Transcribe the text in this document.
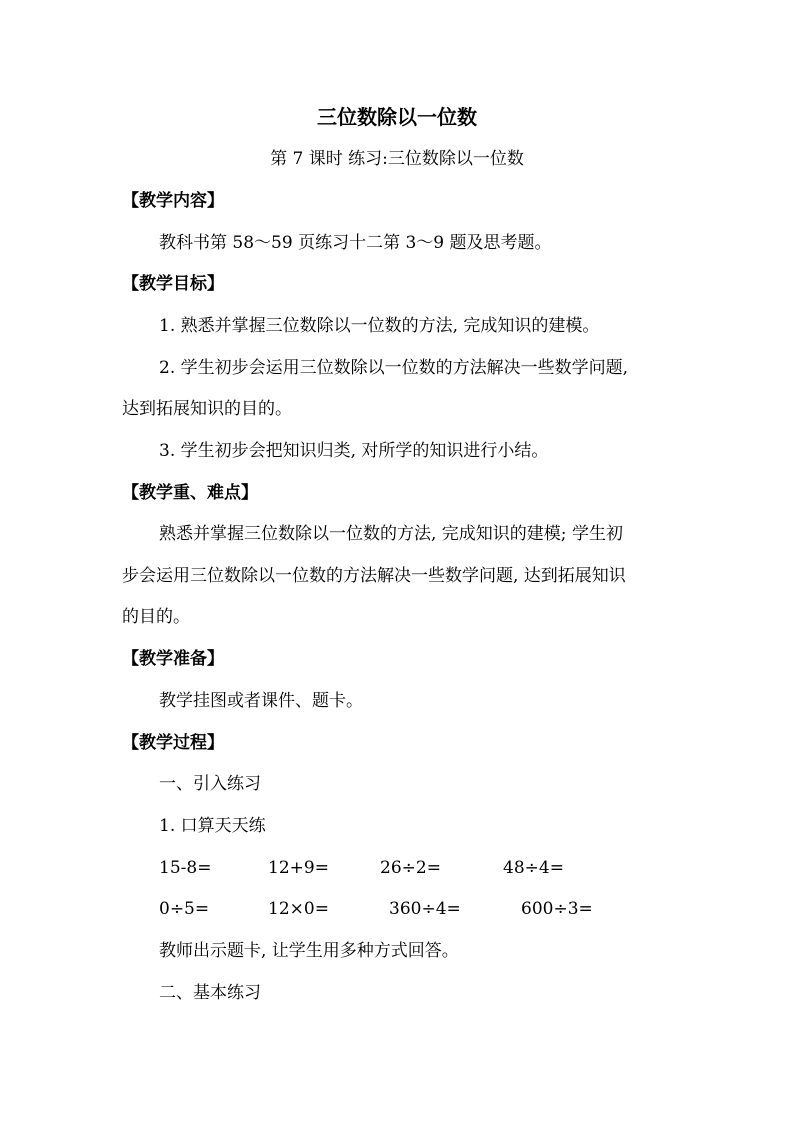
三位数除以一位数
第 7 课时 练习:三位数除以一位数
【教学内容】
教科书第 58～59 页练习十二第 3～9 题及思考题。
【教学目标】
1. 熟悉并掌握三位数除以一位数的方法, 完成知识的建模。
2. 学生初步会运用三位数除以一位数的方法解决一些数学问题,
达到拓展知识的目的。
3. 学生初步会把知识归类, 对所学的知识进行小结。
【教学重、难点】
熟悉并掌握三位数除以一位数的方法, 完成知识的建模; 学生初
步会运用三位数除以一位数的方法解决一些数学问题, 达到拓展知识
的目的。
【教学准备】
教学挂图或者课件、题卡。
【教学过程】
一、引入练习
1. 口算天天练
15-8=	12+9=	26÷2=	48÷4=
0÷5=	12×0=	360÷4=	600÷3=
教师出示题卡, 让学生用多种方式回答。
二、基本练习
